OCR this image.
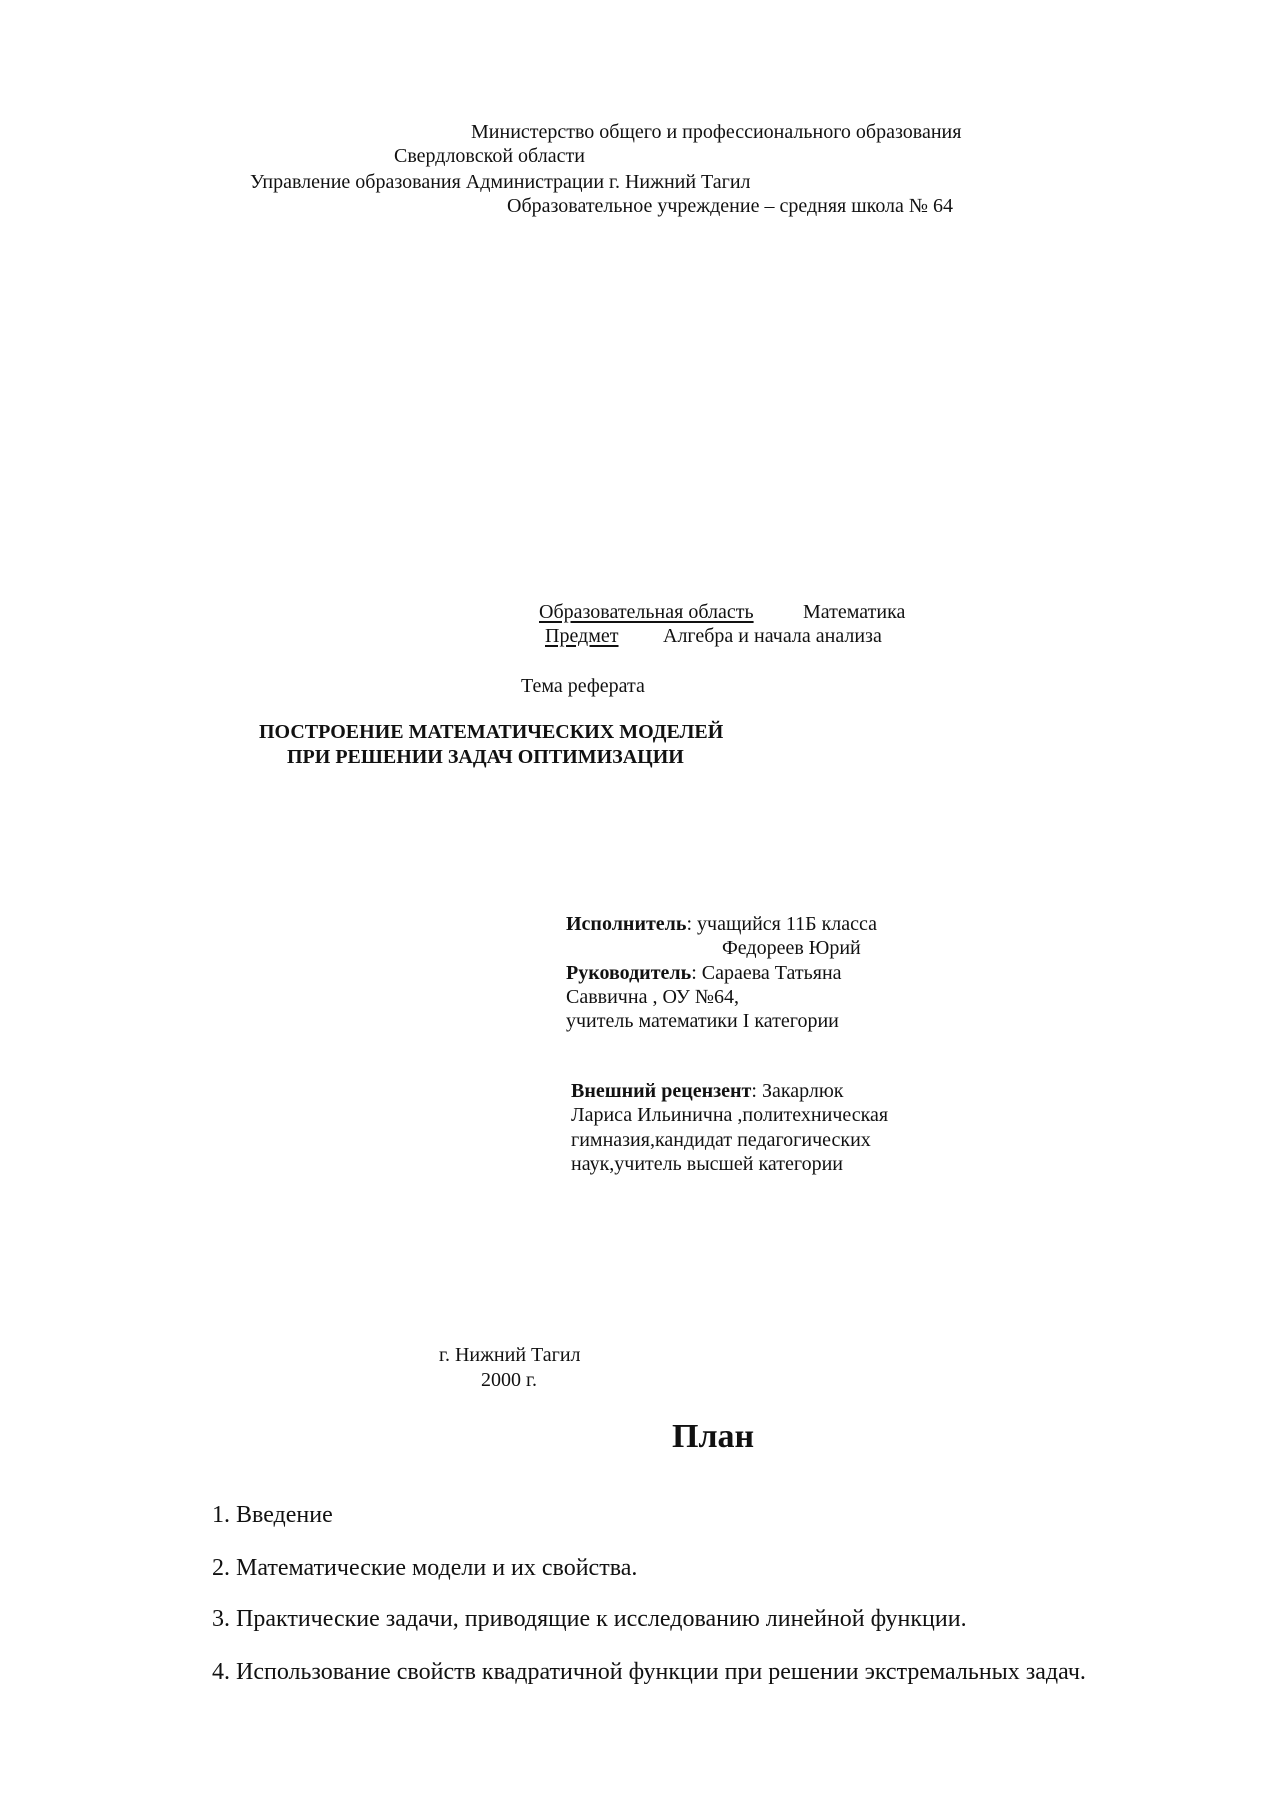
Министерство общего и профессионального образования
Свердловской области
Управление образования Администрации г. Нижний Тагил
Образовательное учреждение – средняя школа № 64
Образовательная область Математика
Предмет Алгебра и начала анализа
Тема реферата
ПОСТРОЕНИЕ МАТЕМАТИЧЕСКИХ МОДЕЛЕЙ
ПРИ РЕШЕНИИ ЗАДАЧ ОПТИМИЗАЦИИ
Исполнитель: учащийся 11Б класса
Федореев Юрий
Руководитель: Сараева Татьяна
Саввична , ОУ №64,
учитель математики I категории
Внешний рецензент: Закарлюк
Лариса Ильинична ,политехническая
гимназия,кандидат педагогических
наук,учитель высшей категории
г. Нижний Тагил
2000 г.
План
1. Введение
2. Математические модели и их свойства.
3. Практические задачи, приводящие к исследованию линейной функции.
4. Использование свойств квадратичной функции при решении экстремальных задач.
